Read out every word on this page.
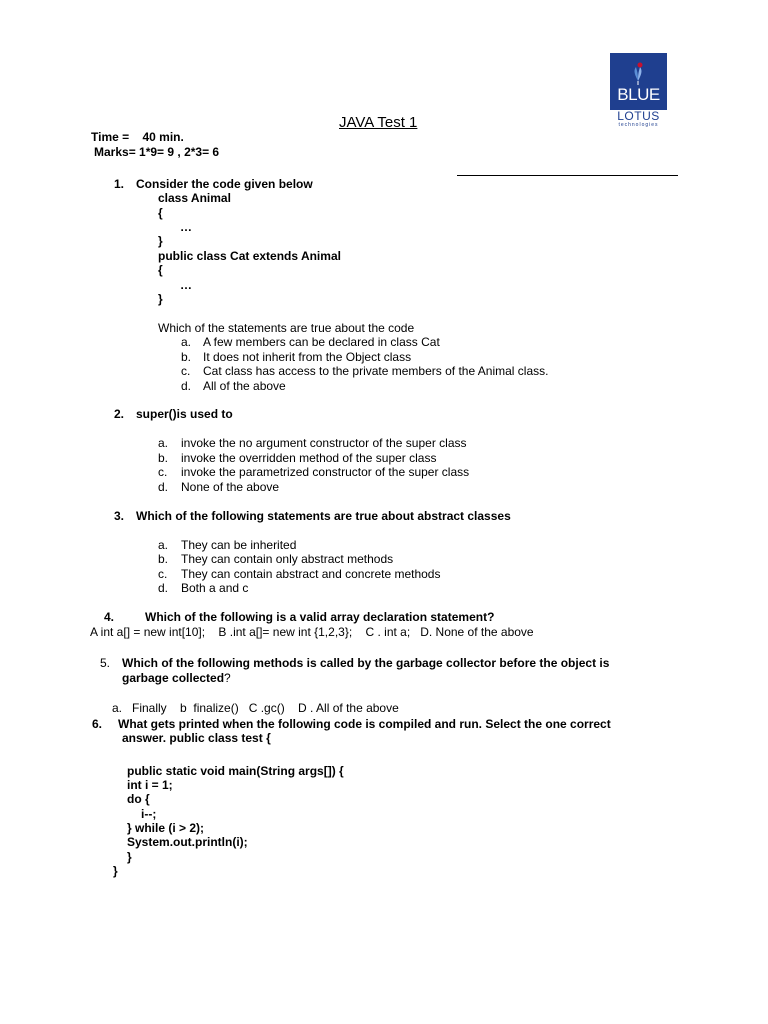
BLUE
LOTUS
technologies
JAVA Test 1
Time =    40 min.
Marks= 1*9= 9 , 2*3= 6
1. Consider the code given below
class Animal
{
…
}
public class Cat extends Animal
{
…
}
Which of the statements are true about the code
a. A few members can be declared in class Cat
b. It does not inherit from the Object class
c. Cat class has access to the private members of the Animal class.
d. All of the above
2. super()is used to
a. invoke the no argument constructor of the super class
b. invoke the overridden method of the super class
c. invoke the parametrized constructor of the super class
d. None of the above
3. Which of the following statements are true about abstract classes
a. They can be inherited
b. They can contain only abstract methods
c. They can contain abstract and concrete methods
d. Both a and c
4.	Which of the following is a valid array declaration statement?
A int a[] = new int[10];    B .int a[]= new int {1,2,3};    C . int a;   D. None of the above
5. Which of the following methods is called by the garbage collector before the object is
garbage collected?
a.   Finally    b  finalize()   C .gc()    D . All of the above
6. What gets printed when the following code is compiled and run. Select the one correct
answer. public class test {
public static void main(String args[]) {
int i = 1;
do {
i--;
} while (i > 2);
System.out.println(i);
}
}
